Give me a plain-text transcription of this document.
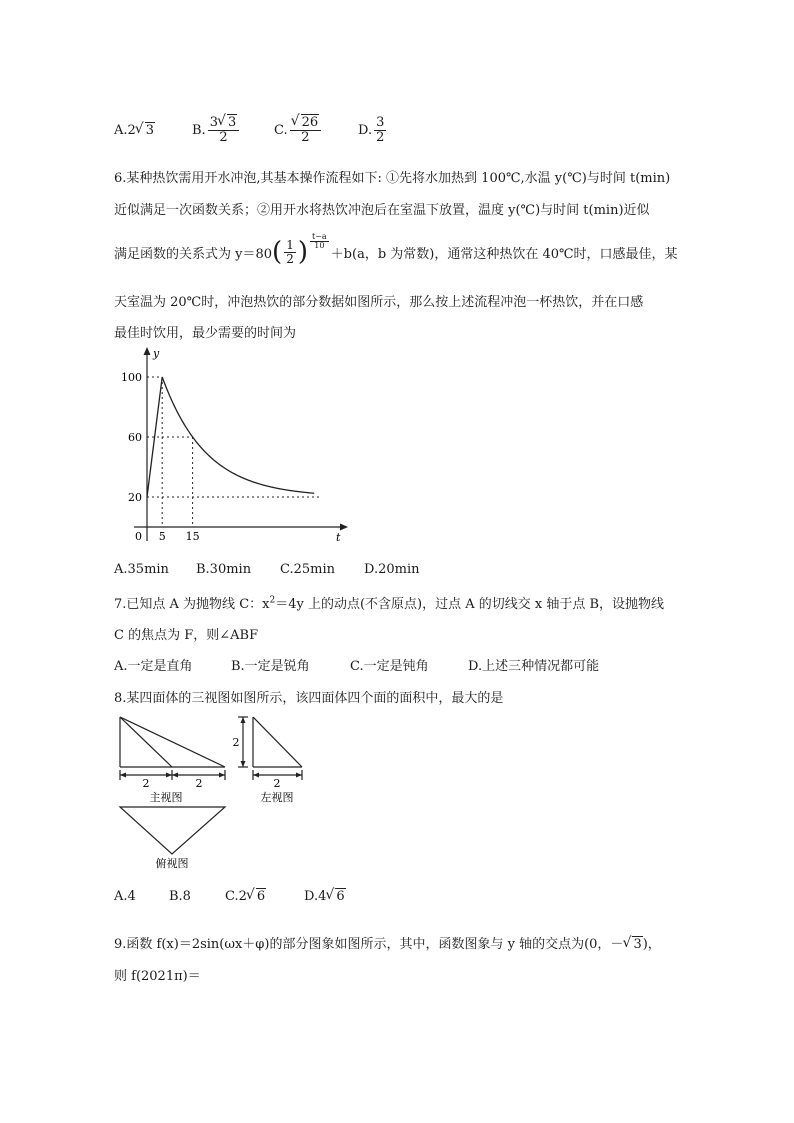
A.2 √ 3	B. $\frac{3 √ 3}{2}$	C. √ $\frac{26}{2}$	D. $\frac{3}{2}$
6.某种热饮需用开水冲泡,其基本操作流程如下: ①先将水加热到 100℃,水温 y(℃)与时间 t(min)
近似满足一次函数关系；②用开水将热饮冲泡后在室温下放置，温度 y(℃)与时间 t(min)近似
满足函数的关系式为 y＝80 ( $\frac{1}{2}$ ) $\frac{t-a}{10}$
＋b(a，b 为常数)，通常这种热饮在 40℃时，口感最佳，某
天室温为 20℃时，冲泡热饮的部分数据如图所示，那么按上述流程冲泡一杯热饮，并在口感
最佳时饮用，最少需要的时间为
t
y
0 5 15
20
60
100
A.35min B.30min C.25min D.20min
7.已知点 A 为抛物线 C：$x^2=4y$ 上的动点(不含原点)，过点 A 的切线交 x 轴于点 B，设抛物线
C 的焦点为 F，则∠ABF
A.一定是直角	B.一定是锐角	C.一定是钝角	D.上述三种情况都可能
8.某四面体的三视图如图所示，该四面体四个面的面积中，最大的是
2	2
主视图
2
2
左视图
俯视图
A.4	B.8	C.2 √ 6	D.4 √ 6
9.函数 f(x)＝2sin(ωx＋φ)的部分图象如图所示，其中，函数图象与 y 轴的交点为(0，－ √ 3)，
则 f(2021π)＝
